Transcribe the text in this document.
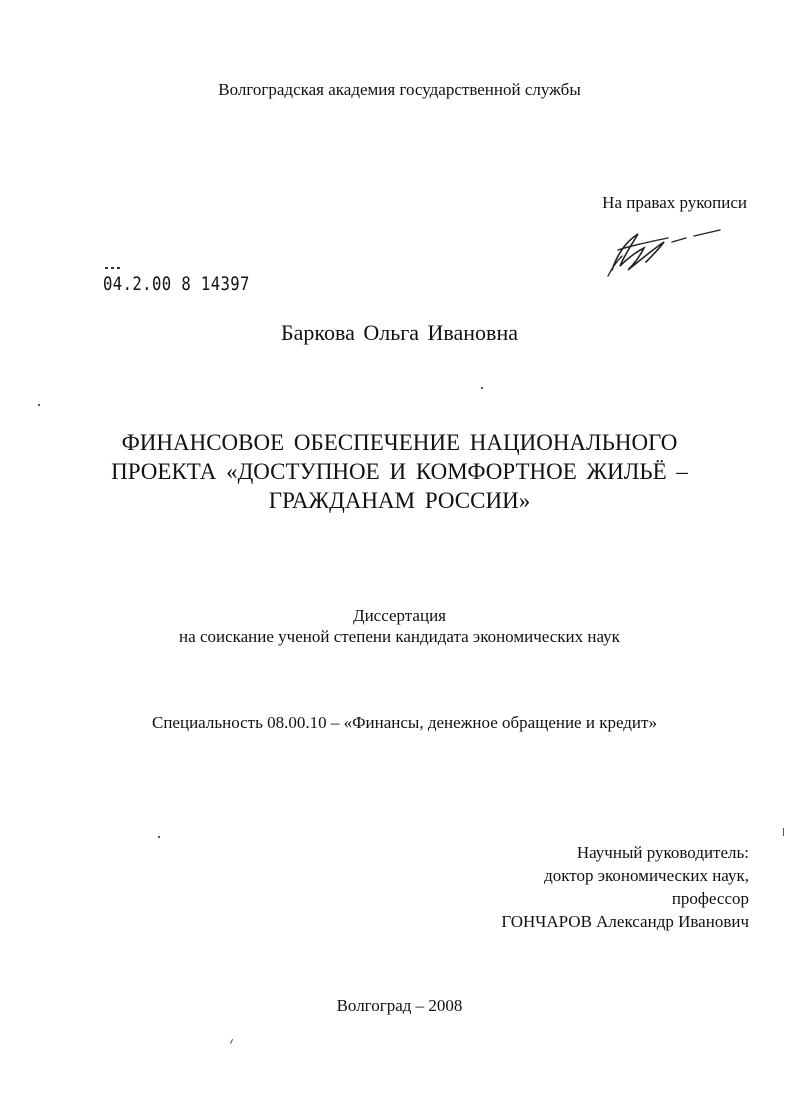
Волгоградская академия государственной службы
На правах рукописи
04.2.00 8 14397
Баркова Ольга Ивановна
ФИНАНСОВОЕ ОБЕСПЕЧЕНИЕ НАЦИОНАЛЬНОГО
ПРОЕКТА «ДОСТУПНОЕ И КОМФОРТНОЕ ЖИЛЬЁ –
ГРАЖДАНАМ РОССИИ»
Диссертация
на соискание ученой степени кандидата экономических наук
Специальность 08.00.10 – «Финансы, денежное обращение и кредит»
Научный руководитель:
доктор экономических наук,
профессор
ГОНЧАРОВ Александр Иванович
Волгоград – 2008
